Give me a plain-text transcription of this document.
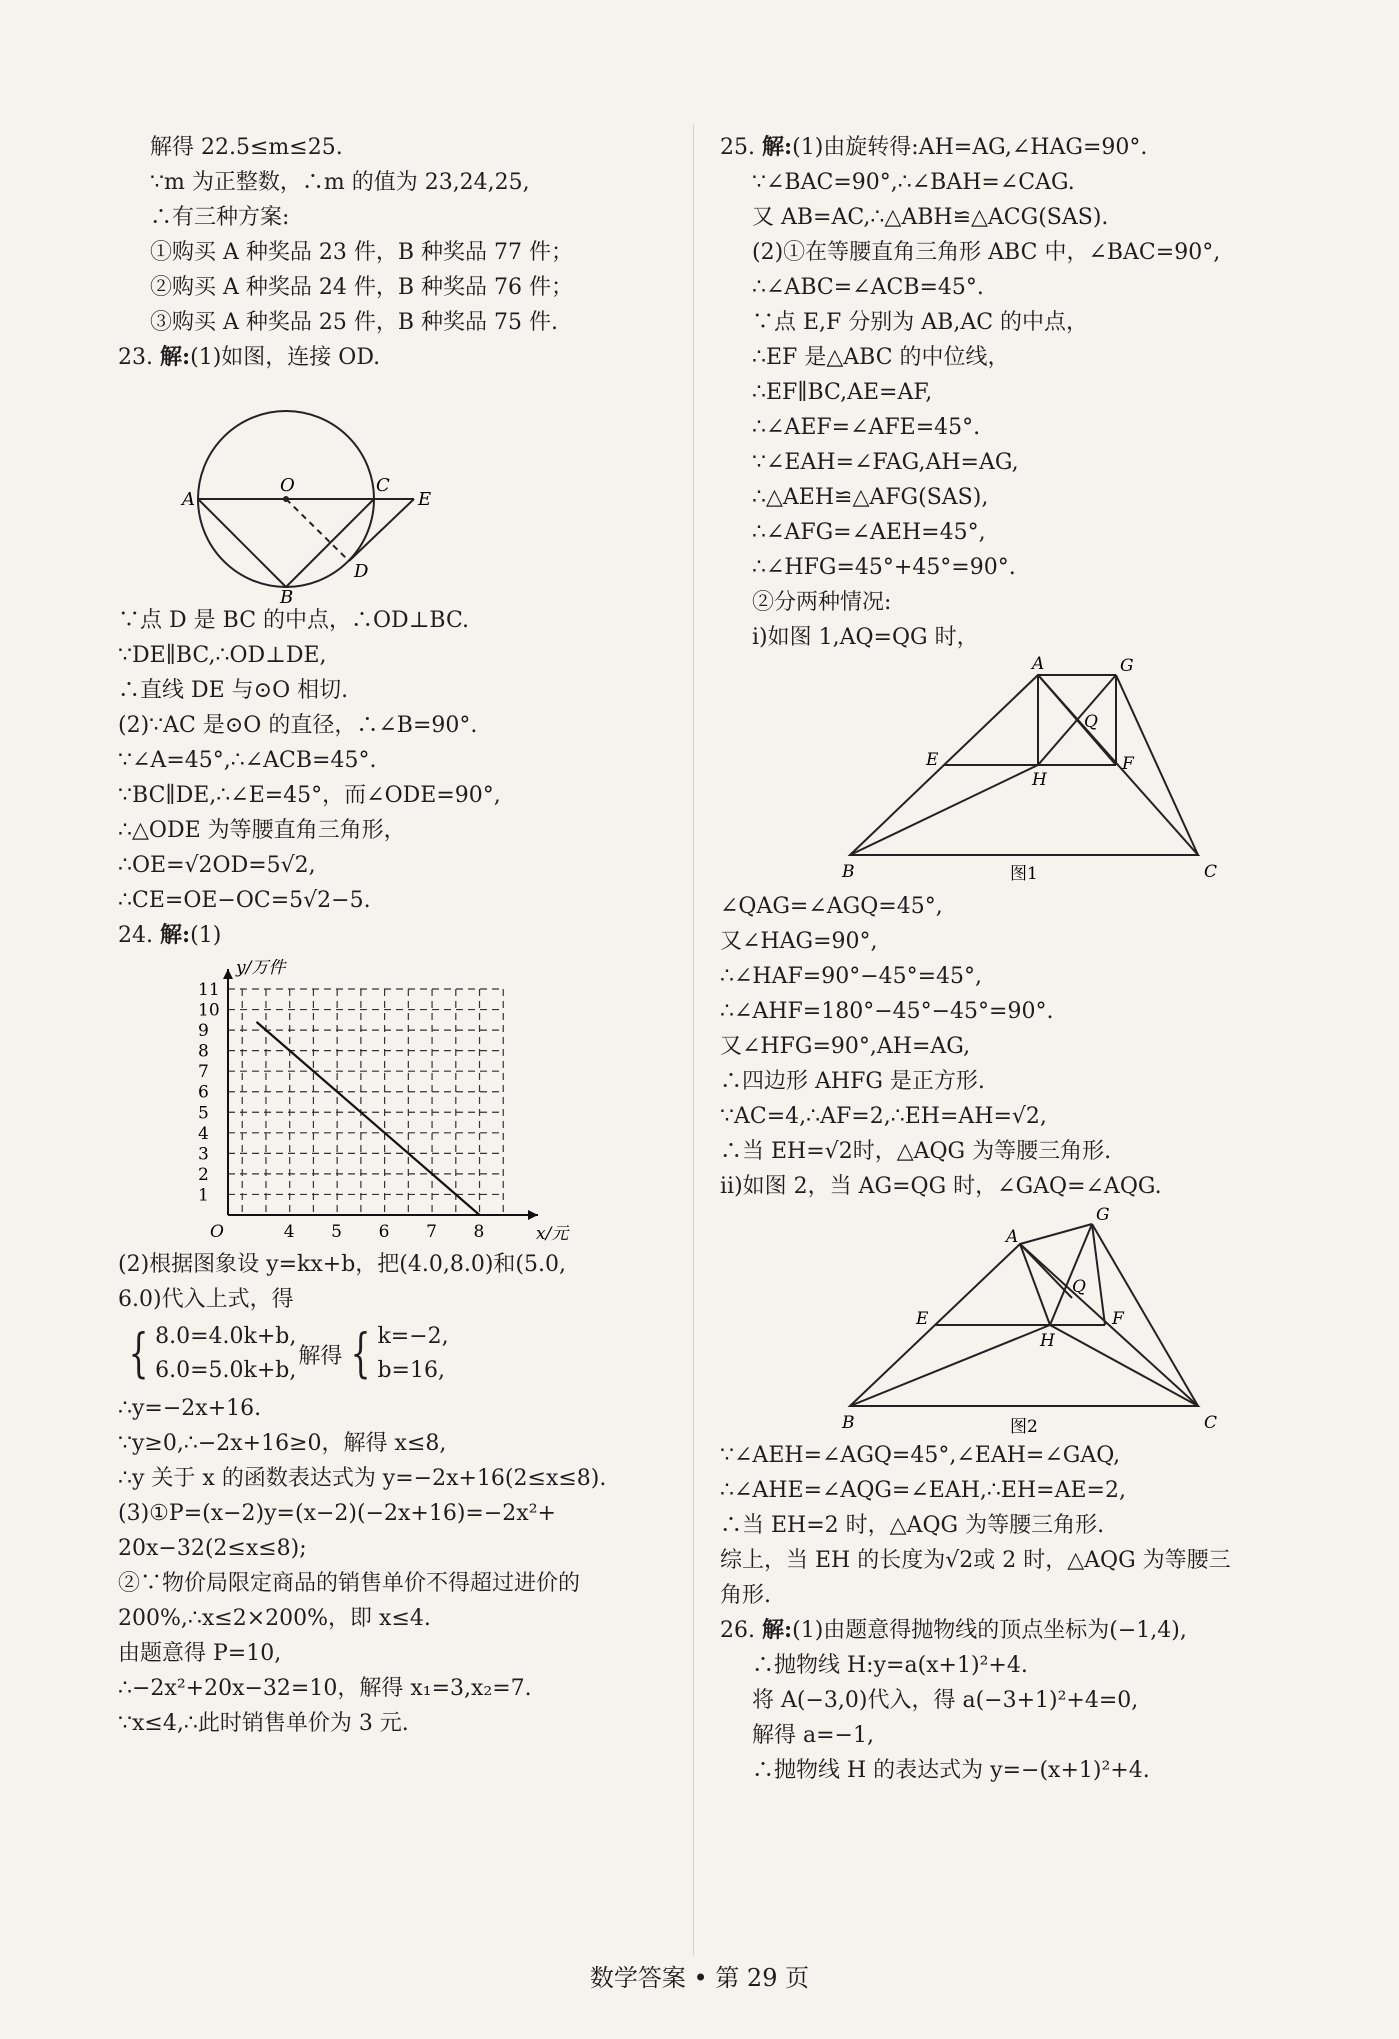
解得 22.5≤m≤25.
∵m 为正整数，∴m 的值为 23,24,25,
∴有三种方案:
①购买 A 种奖品 23 件，B 种奖品 77 件；
②购买 A 种奖品 24 件，B 种奖品 76 件；
③购买 A 种奖品 25 件，B 种奖品 75 件.
23. 解:(1)如图，连接 OD.
A
O	C
E
D
B
∵点 D 是 BC 的中点，∴OD⊥BC.
∵DE∥BC,∴OD⊥DE,
∴直线 DE 与⊙O 相切.
(2)∵AC 是⊙O 的直径，∴∠B=90°.
∵∠A=45°,∴∠ACB=45°.
∵BC∥DE,∴∠E=45°，而∠ODE=90°,
∴△ODE 为等腰直角三角形，
∴OE=√2OD=5√2,
∴CE=OE−OC=5√2−5.
24. 解:(1)
x/元
y/万件
O	4 5 6 7 8
1
2
3
4
5
6
7
8
9
10
11
(2)根据图象设 y=kx+b，把(4.0,8.0)和(5.0,
6.0)代入上式，得
{ 8.0=4.0k+b,
6.0=5.0k+b,
解得 { k=−2,
b=16,
∴y=−2x+16.
∵y≥0,∴−2x+16≥0，解得 x≤8,
∴y 关于 x 的函数表达式为 y=−2x+16(2≤x≤8).
(3)①P=(x−2)y=(x−2)(−2x+16)=−2x²+
20x−32(2≤x≤8);
②∵物价局限定商品的销售单价不得超过进价的
200%,∴x≤2×200%，即 x≤4.
由题意得 P=10,
∴−2x²+20x−32=10，解得 x₁=3,x₂=7.
∵x≤4,∴此时销售单价为 3 元.
25. 解:(1)由旋转得:AH=AG,∠HAG=90°.
∵∠BAC=90°,∴∠BAH=∠CAG.
又 AB=AC,∴△ABH≌△ACG(SAS).
(2)①在等腰直角三角形 ABC 中，∠BAC=90°,
∴∠ABC=∠ACB=45°.
∵点 E,F 分别为 AB,AC 的中点，
∴EF 是△ABC 的中位线，
∴EF∥BC,AE=AF,
∴∠AEF=∠AFE=45°.
∵∠EAH=∠FAG,AH=AG,
∴△AEH≌△AFG(SAS),
∴∠AFG=∠AEH=45°,
∴∠HFG=45°+45°=90°.
②分两种情况:
ⅰ)如图 1,AQ=QG 时，
A	G
Q
E
H
F
B	C
图1
∠QAG=∠AGQ=45°,
又∠HAG=90°,
∴∠HAF=90°−45°=45°,
∴∠AHF=180°−45°−45°=90°.
又∠HFG=90°,AH=AG,
∴四边形 AHFG 是正方形.
∵AC=4,∴AF=2,∴EH=AH=√2,
∴当 EH=√2时，△AQG 为等腰三角形.
ⅱ)如图 2，当 AG=QG 时，∠GAQ=∠AQG.
G
A
Q
E	F
H
B	C
图2
∵∠AEH=∠AGQ=45°,∠EAH=∠GAQ,
∴∠AHE=∠AQG=∠EAH,∴EH=AE=2,
∴当 EH=2 时，△AQG 为等腰三角形.
综上，当 EH 的长度为√2或 2 时，△AQG 为等腰三
角形.
26. 解:(1)由题意得抛物线的顶点坐标为(−1,4),
∴抛物线 H:y=a(x+1)²+4.
将 A(−3,0)代入，得 a(−3+1)²+4=0,
解得 a=−1,
∴抛物线 H 的表达式为 y=−(x+1)²+4.
数学答案 • 第 29 页
